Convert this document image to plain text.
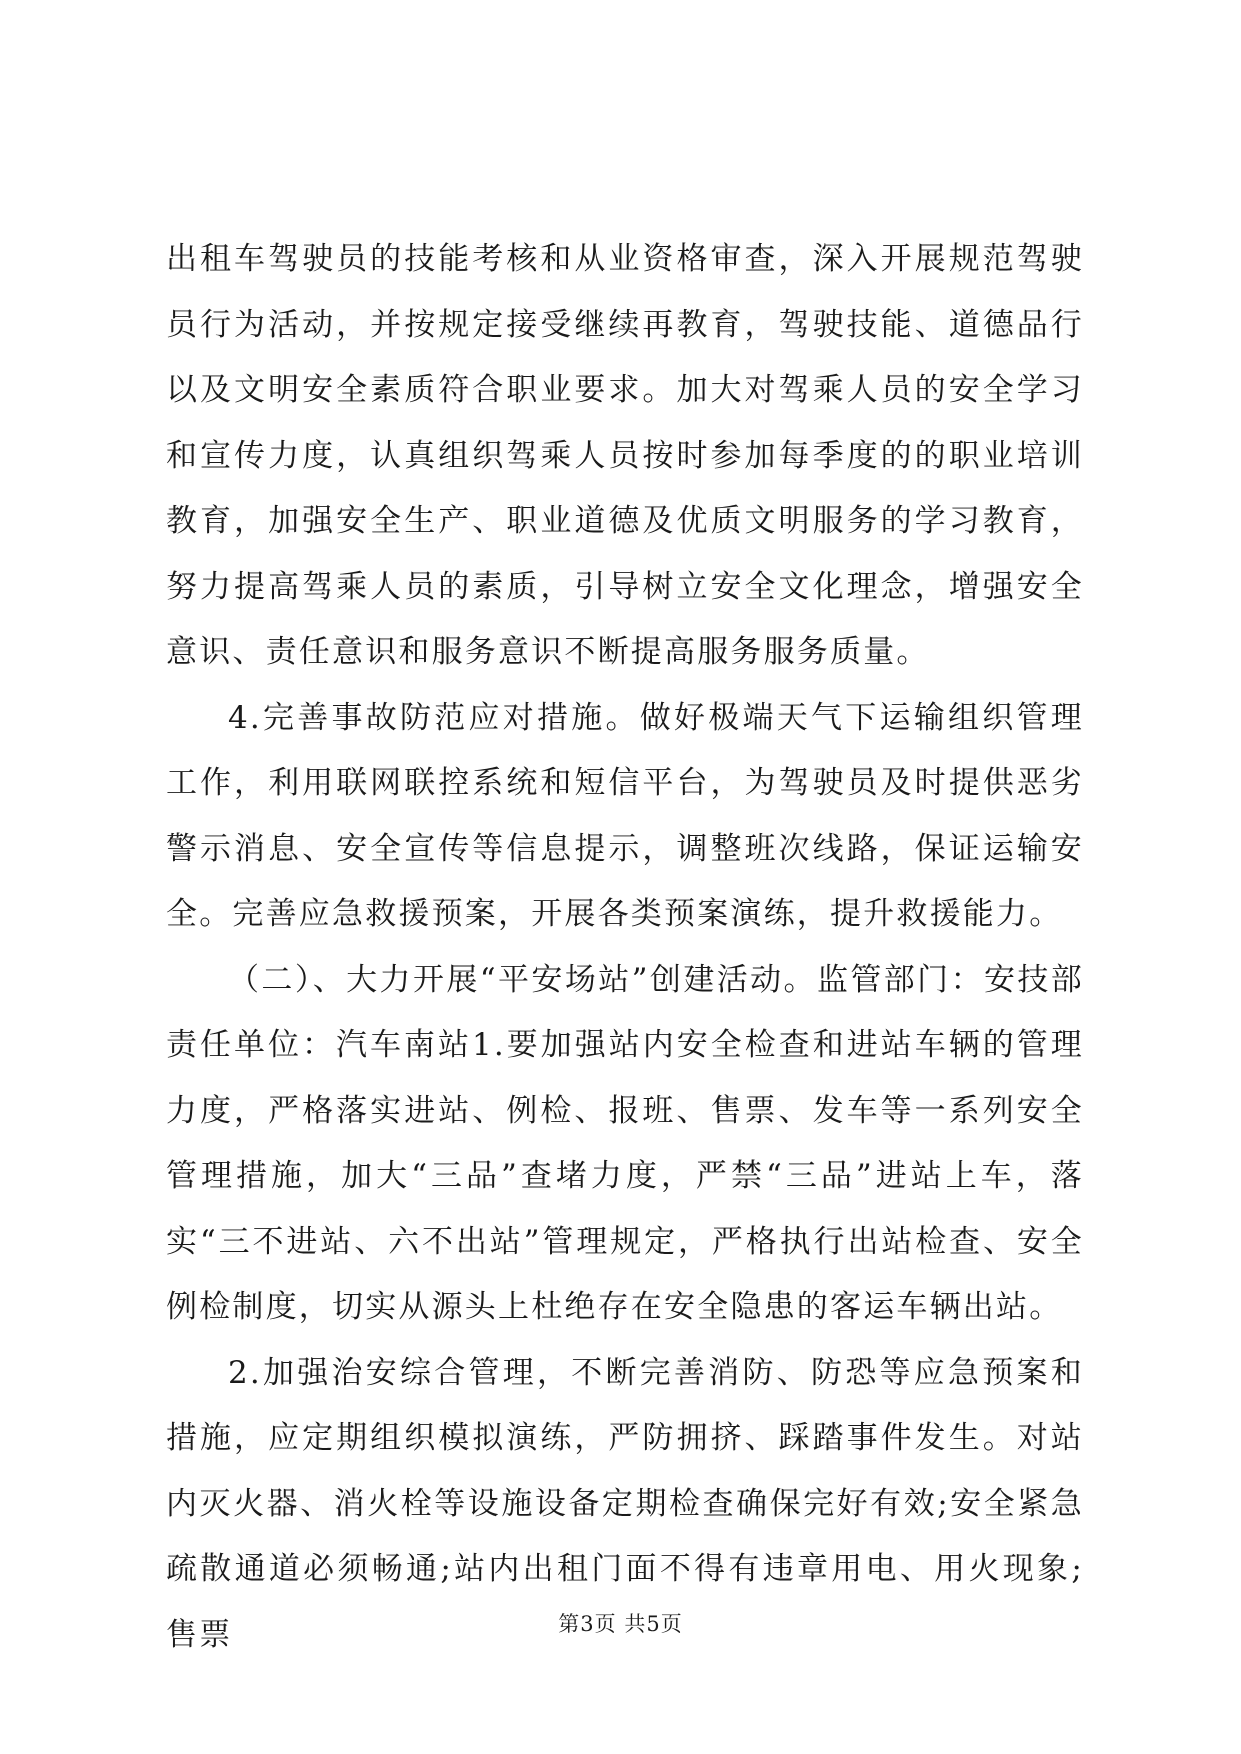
出租车驾驶员的技能考核和从业资格审查，深入开展规范驾驶员行为活动，并按规定接受继续再教育，驾驶技能、道德品行以及文明安全素质符合职业要求。加大对驾乘人员的安全学习和宣传力度，认真组织驾乘人员按时参加每季度的的职业培训教育，加强安全生产、职业道德及优质文明服务的学习教育，努力提高驾乘人员的素质，引导树立安全文化理念，增强安全意识、责任意识和服务意识不断提高服务服务质量。

4.完善事故防范应对措施。做好极端天气下运输组织管理工作，利用联网联控系统和短信平台，为驾驶员及时提供恶劣警示消息、安全宣传等信息提示，调整班次线路，保证运输安全。完善应急救援预案，开展各类预案演练，提升救援能力。

（二）、大力开展“平安场站”创建活动。监管部门：安技部责任单位：汽车南站1.要加强站内安全检查和进站车辆的管理力度，严格落实进站、例检、报班、售票、发车等一系列安全管理措施，加大“三品”查堵力度，严禁“三品”进站上车，落实“三不进站、六不出站”管理规定，严格执行出站检查、安全例检制度，切实从源头上杜绝存在安全隐患的客运车辆出站。

2.加强治安综合管理，不断完善消防、防恐等应急预案和措施，应定期组织模拟演练，严防拥挤、踩踏事件发生。对站内灭火器、消火栓等设施设备定期检查确保完好有效;安全紧急疏散通道必须畅通;站内出租门面不得有违章用电、用火现象;售票	第3页 共5页
